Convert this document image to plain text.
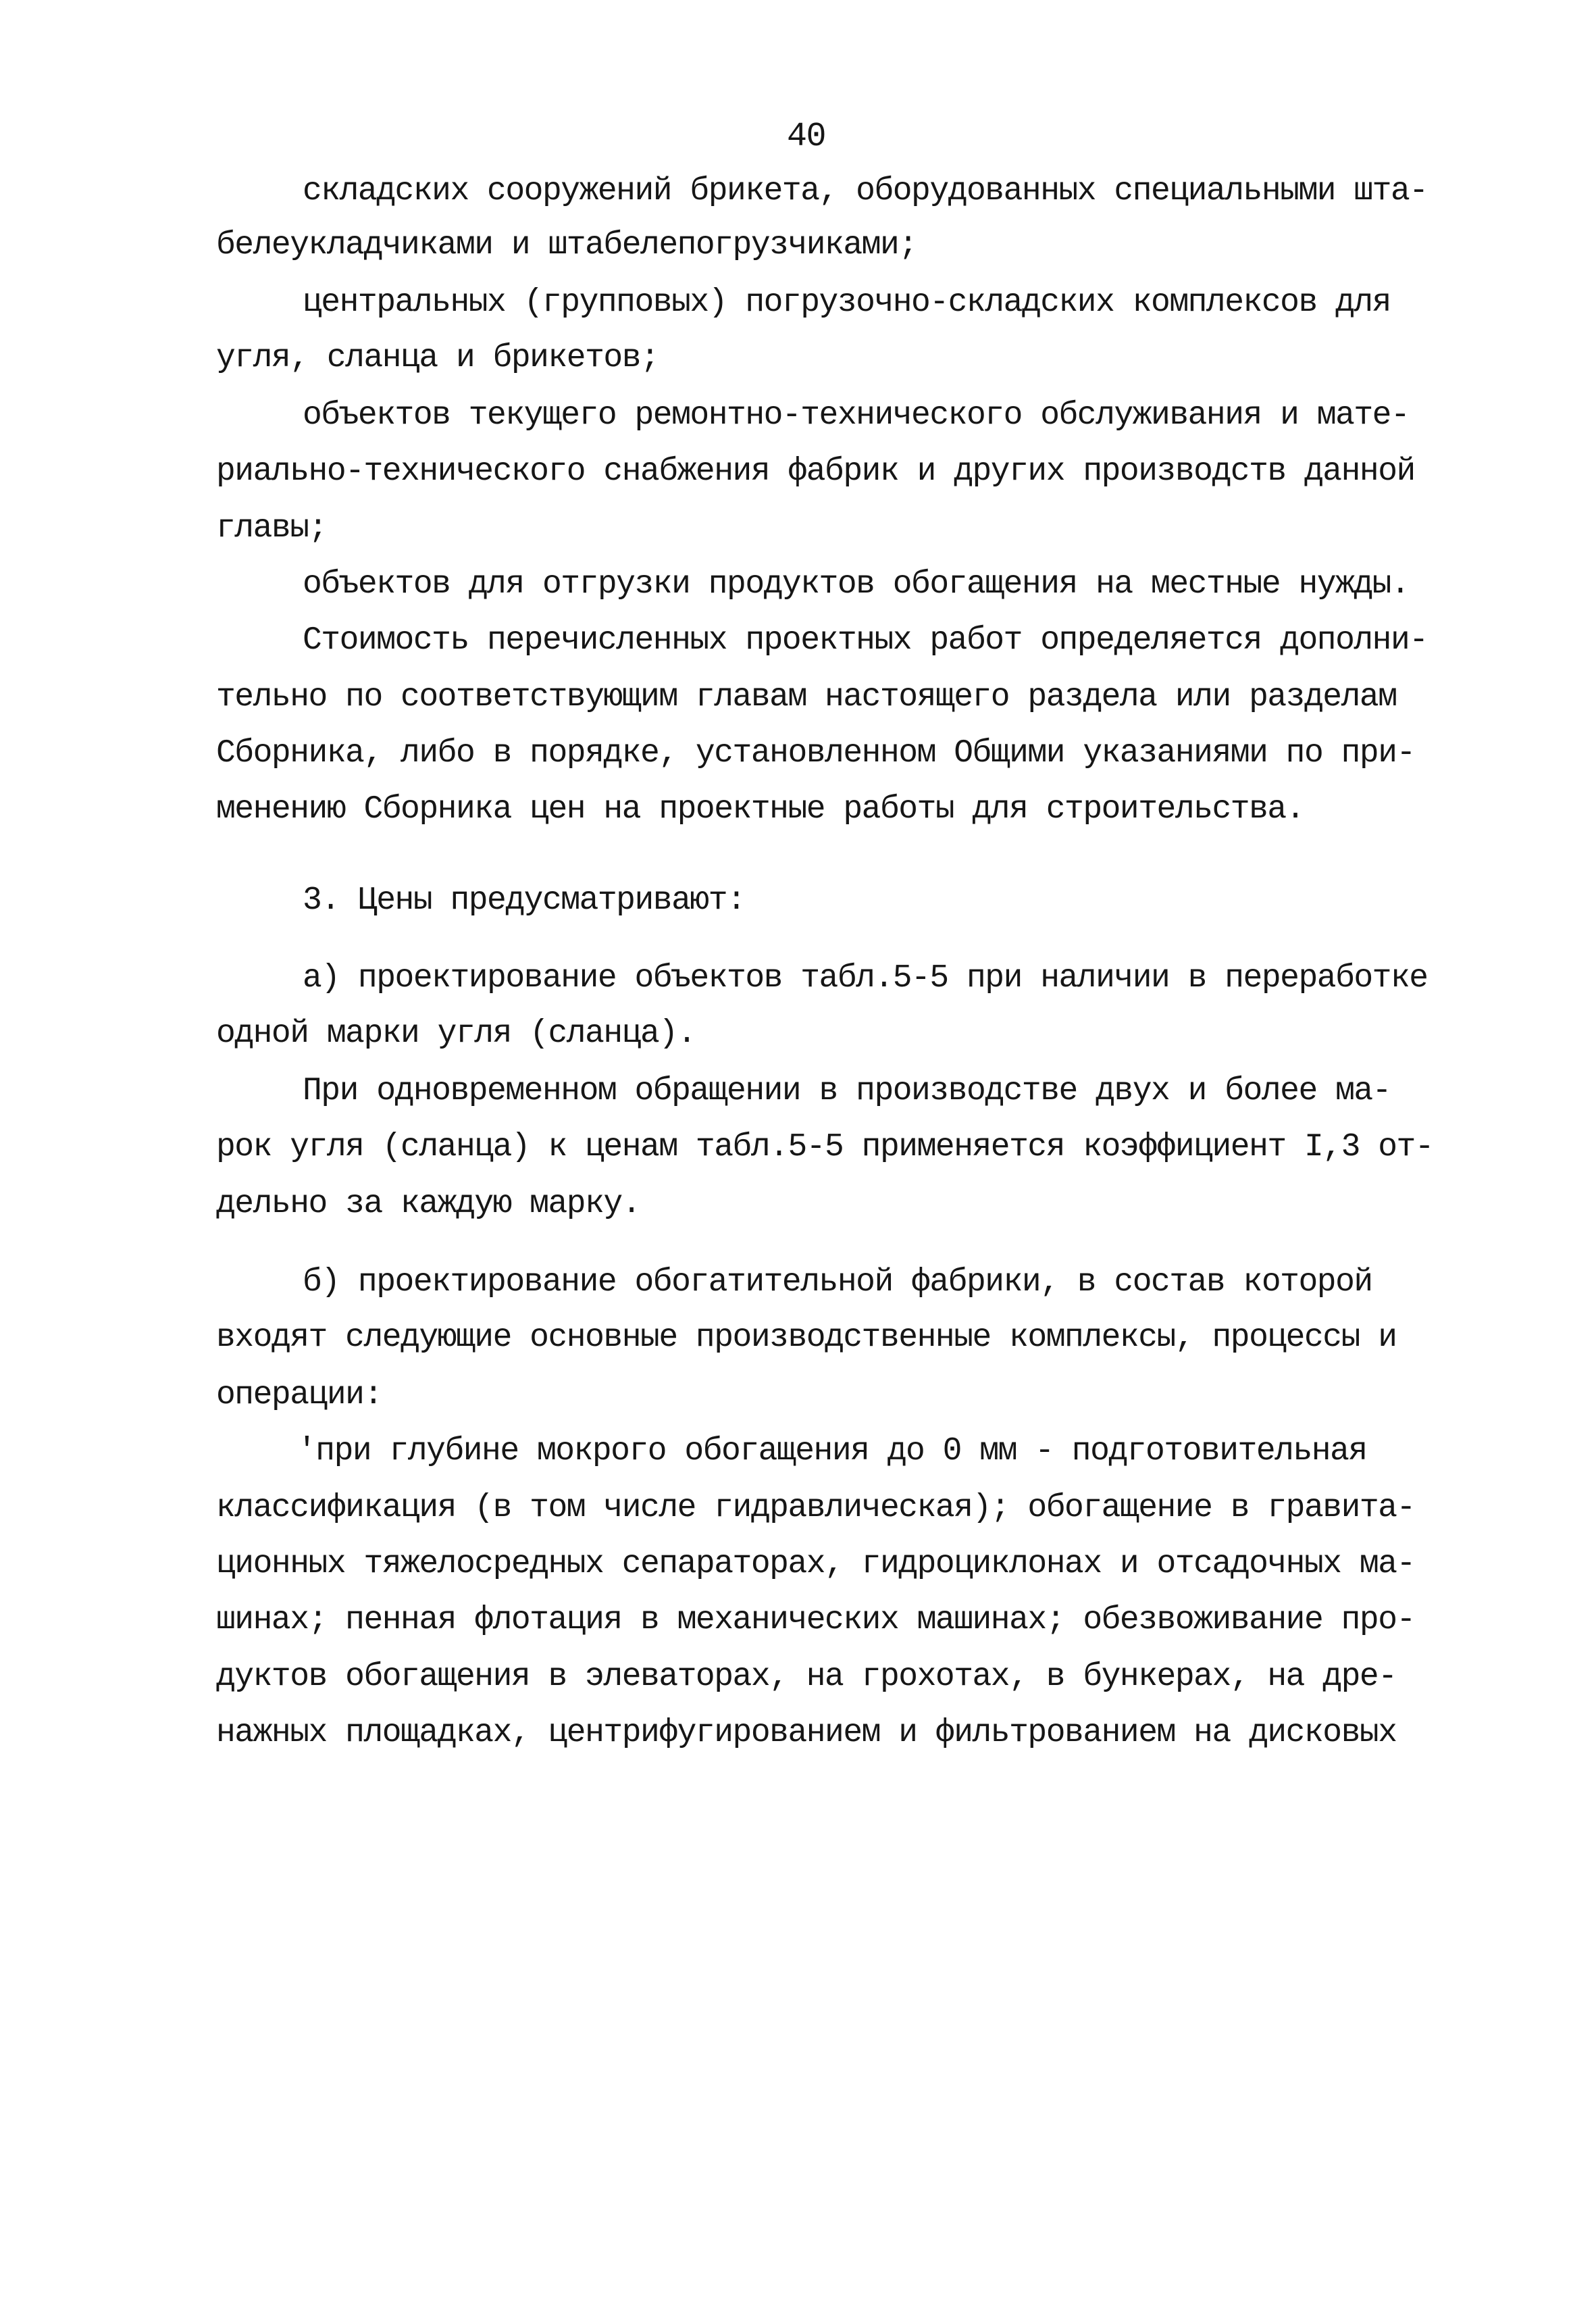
40
складских сооружений брикета, оборудованных специальными шта-
белеукладчиками и штабелепогрузчиками;
центральных (групповых) погрузочно-складских комплексов для
угля, сланца и брикетов;
объектов текущего ремонтно-технического обслуживания и мате-
риально-технического снабжения фабрик и других производств данной
главы;
объектов для отгрузки продуктов обогащения на местные нужды.
Стоимость перечисленных проектных работ определяется дополни-
тельно по соответствующим главам настоящего раздела или разделам
Сборника, либо в порядке, установленном Общими указаниями по при-
менению Сборника цен на проектные работы для строительства.
3. Цены предусматривают:
а) проектирование объектов табл.5-5 при наличии в переработке
одной марки угля (сланца).
При одновременном обращении в производстве двух и более ма-
рок угля (сланца) к ценам табл.5-5 применяется коэффициент I,3 от-
дельно за каждую марку.
б) проектирование обогатительной фабрики, в состав которой
входят следующие основные производственные комплексы, процессы и
операции:
'при глубине мокрого обогащения до 0 мм - подготовительная
классификация (в том числе гидравлическая); обогащение в гравита-
ционных тяжелосредных сепараторах, гидроциклонах и отсадочных ма-
шинах; пенная флотация в механических машинах; обезвоживание про-
дуктов обогащения в элеваторах, на грохотах, в бункерах, на дре-
нажных площадках, центрифугированием и фильтрованием на дисковых
